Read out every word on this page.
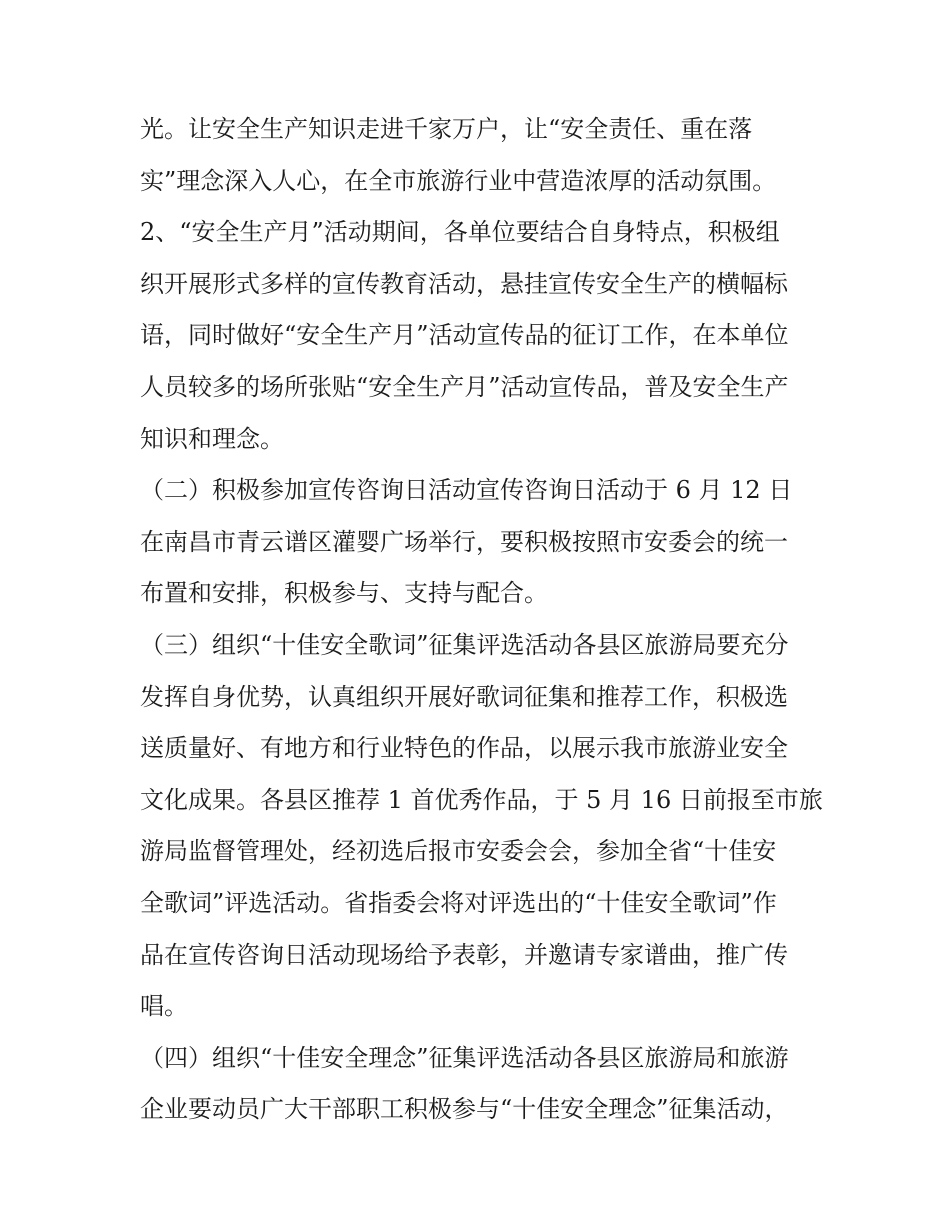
光。让安全生产知识走进千家万户，让“安全责任、重在落
实”理念深入人心，在全市旅游行业中营造浓厚的活动氛围。
2、“安全生产月”活动期间，各单位要结合自身特点，积极组
织开展形式多样的宣传教育活动，悬挂宣传安全生产的横幅标
语，同时做好“安全生产月”活动宣传品的征订工作，在本单位
人员较多的场所张贴“安全生产月”活动宣传品，普及安全生产
知识和理念。
（二）积极参加宣传咨询日活动宣传咨询日活动于 6 月 12 日
在南昌市青云谱区灌婴广场举行，要积极按照市安委会的统一
布置和安排，积极参与、支持与配合。
（三）组织“十佳安全歌词”征集评选活动各县区旅游局要充分
发挥自身优势，认真组织开展好歌词征集和推荐工作，积极选
送质量好、有地方和行业特色的作品，以展示我市旅游业安全
文化成果。各县区推荐 1 首优秀作品，于 5 月 16 日前报至市旅
游局监督管理处，经初选后报市安委会会，参加全省“十佳安
全歌词”评选活动。省指委会将对评选出的“十佳安全歌词”作
品在宣传咨询日活动现场给予表彰，并邀请专家谱曲，推广传
唱。
（四）组织“十佳安全理念”征集评选活动各县区旅游局和旅游
企业要动员广大干部职工积极参与“十佳安全理念”征集活动，
